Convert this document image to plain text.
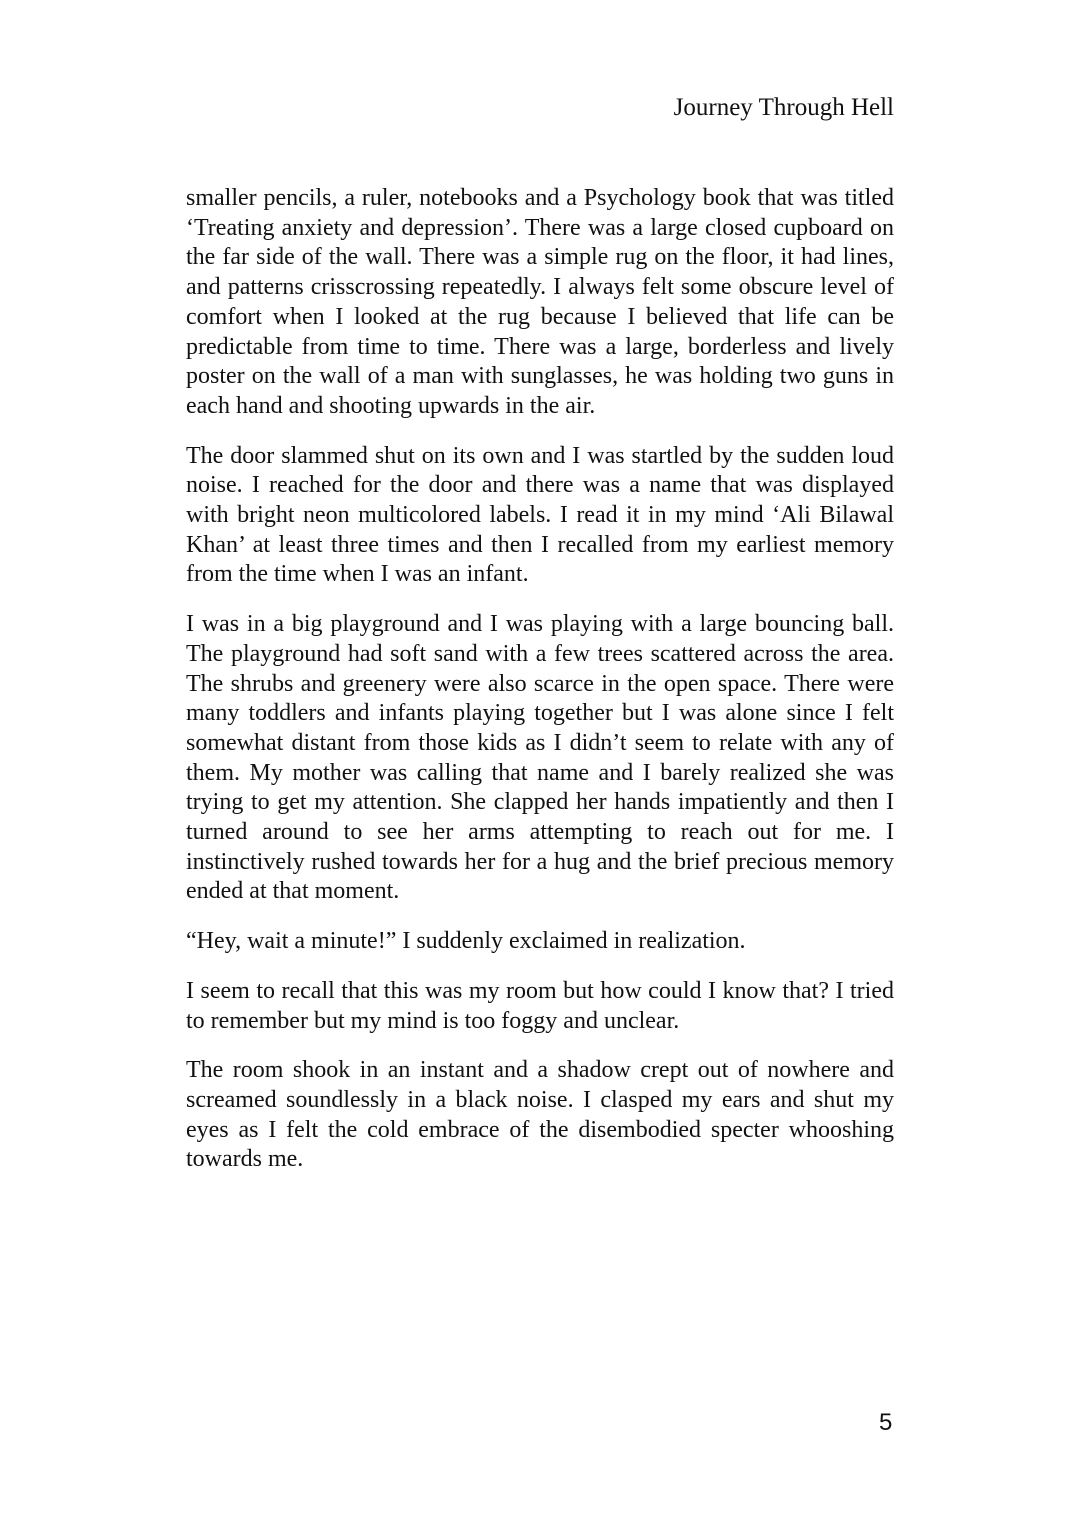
Journey Through Hell

smaller pencils, a ruler, notebooks and a Psychology book that was titled ‘Treating anxiety and depression’. There was a large closed cupboard on the far side of the wall. There was a simple rug on the floor, it had lines, and patterns crisscrossing repeatedly. I always felt some obscure level of comfort when I looked at the rug because I believed that life can be predictable from time to time. There was a large, borderless and lively poster on the wall of a man with sunglasses, he was holding two guns in each hand and shooting upwards in the air.

The door slammed shut on its own and I was startled by the sudden loud noise. I reached for the door and there was a name that was displayed with bright neon multicolored labels. I read it in my mind ‘Ali Bilawal Khan’ at least three times and then I recalled from my earliest memory from the time when I was an infant.

I was in a big playground and I was playing with a large bouncing ball. The playground had soft sand with a few trees scattered across the area. The shrubs and greenery were also scarce in the open space. There were many toddlers and infants playing together but I was alone since I felt somewhat distant from those kids as I didn’t seem to relate with any of them. My mother was calling that name and I barely realized she was trying to get my attention. She clapped her hands impatiently and then I turned around to see her arms attempting to reach out for me. I instinctively rushed towards her for a hug and the brief precious memory ended at that moment.

“Hey, wait a minute!” I suddenly exclaimed in realization.

I seem to recall that this was my room but how could I know that? I tried to remember but my mind is too foggy and unclear.

The room shook in an instant and a shadow crept out of nowhere and screamed soundlessly in a black noise. I clasped my ears and shut my eyes as I felt the cold embrace of the disembodied specter whooshing towards me.

5
